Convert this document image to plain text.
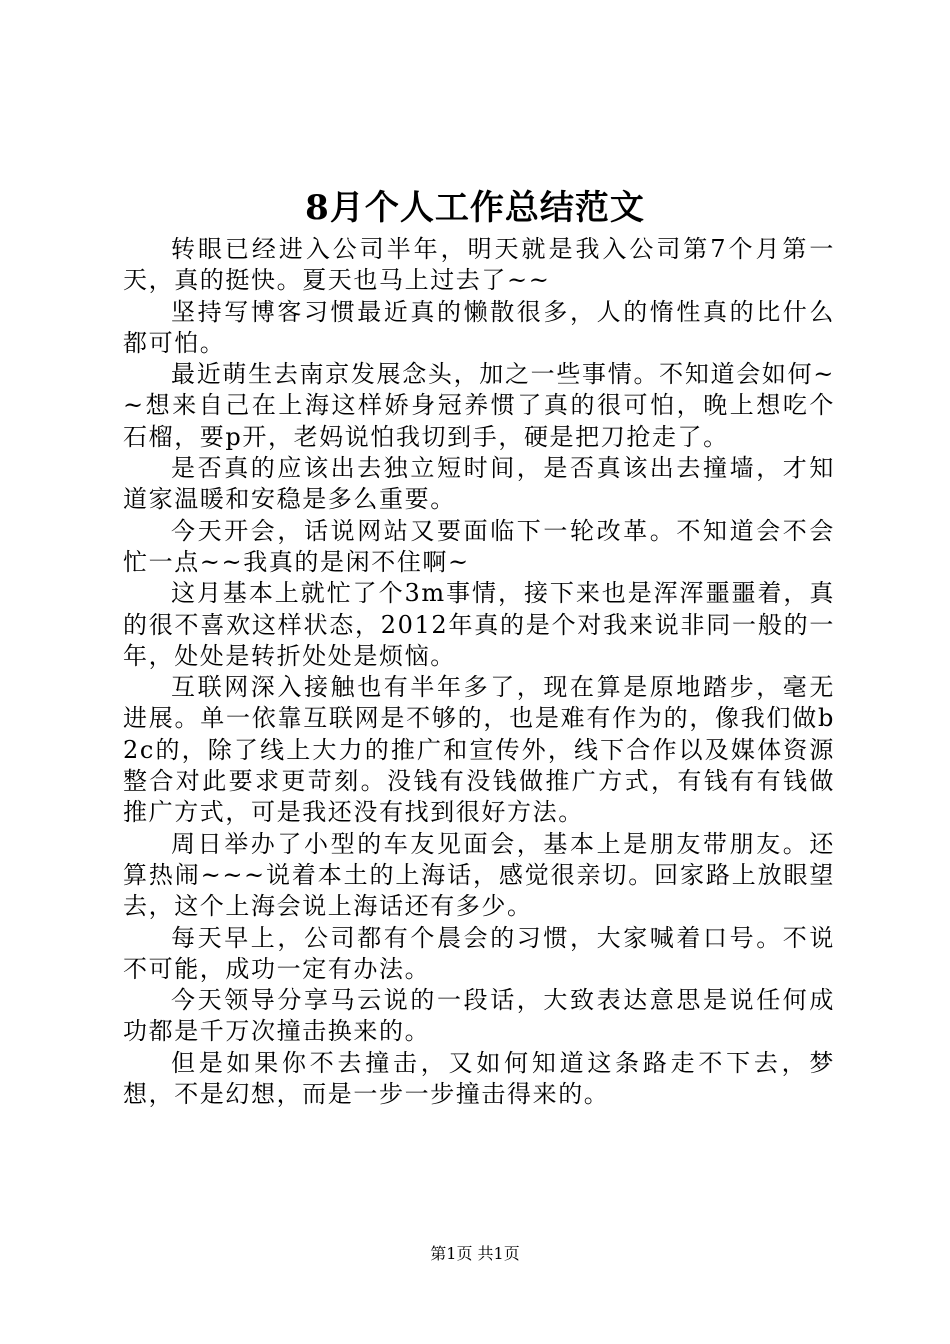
8月个人工作总结范文

转眼已经进入公司半年，明天就是我入公司第7个月第一天，真的挺快。夏天也马上过去了~~

坚持写博客习惯最近真的懒散很多，人的惰性真的比什么都可怕。

最近萌生去南京发展念头，加之一些事情。不知道会如何~~想来自己在上海这样娇身冠养惯了真的很可怕，晚上想吃个石榴，要p开，老妈说怕我切到手，硬是把刀抢走了。

是否真的应该出去独立短时间，是否真该出去撞墙，才知道家温暖和安稳是多么重要。

今天开会，话说网站又要面临下一轮改革。不知道会不会忙一点~~我真的是闲不住啊~

这月基本上就忙了个3m事情，接下来也是浑浑噩噩着，真的很不喜欢这样状态，2012年真的是个对我来说非同一般的一年，处处是转折处处是烦恼。

互联网深入接触也有半年多了，现在算是原地踏步，毫无进展。单一依靠互联网是不够的，也是难有作为的，像我们做b2c的，除了线上大力的推广和宣传外，线下合作以及媒体资源整合对此要求更苛刻。没钱有没钱做推广方式，有钱有有钱做推广方式，可是我还没有找到很好方法。

周日举办了小型的车友见面会，基本上是朋友带朋友。还算热闹~~~说着本土的上海话，感觉很亲切。回家路上放眼望去，这个上海会说上海话还有多少。

每天早上，公司都有个晨会的习惯，大家喊着口号。不说不可能，成功一定有办法。

今天领导分享马云说的一段话，大致表达意思是说任何成功都是千万次撞击换来的。

但是如果你不去撞击，又如何知道这条路走不下去，梦想，不是幻想，而是一步一步撞击得来的。

第1页 共1页
